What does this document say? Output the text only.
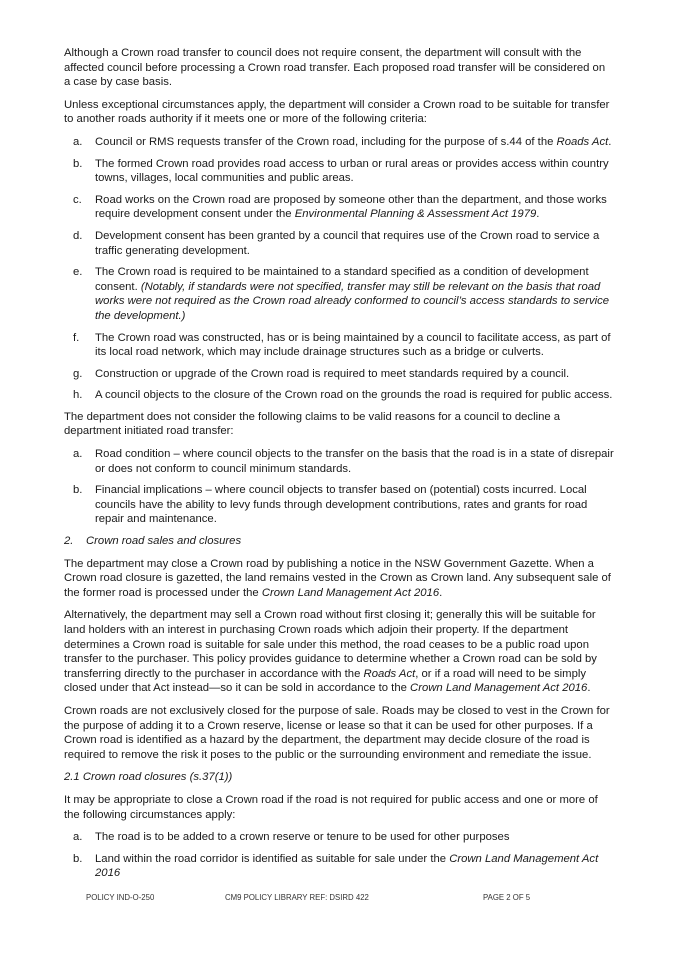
Although a Crown road transfer to council does not require consent, the department will consult with the affected council before processing a Crown road transfer. Each proposed road transfer will be considered on a case by case basis.

Unless exceptional circumstances apply, the department will consider a Crown road to be suitable for transfer to another roads authority if it meets one or more of the following criteria:

a. Council or RMS requests transfer of the Crown road, including for the purpose of s.44 of the Roads Act.
b. The formed Crown road provides road access to urban or rural areas or provides access within country towns, villages, local communities and public areas.
c. Road works on the Crown road are proposed by someone other than the department, and those works require development consent under the Environmental Planning & Assessment Act 1979.
d. Development consent has been granted by a council that requires use of the Crown road to service a traffic generating development.
e. The Crown road is required to be maintained to a standard specified as a condition of development consent. (Notably, if standards were not specified, transfer may still be relevant on the basis that road works were not required as the Crown road already conformed to council’s access standards to service the development.)
f. The Crown road was constructed, has or is being maintained by a council to facilitate access, as part of its local road network, which may include drainage structures such as a bridge or culverts.
g. Construction or upgrade of the Crown road is required to meet standards required by a council.
h. A council objects to the closure of the Crown road on the grounds the road is required for public access.

The department does not consider the following claims to be valid reasons for a council to decline a department initiated road transfer:

a. Road condition – where council objects to the transfer on the basis that the road is in a state of disrepair or does not conform to council minimum standards.
b. Financial implications – where council objects to transfer based on (potential) costs incurred. Local councils have the ability to levy funds through development contributions, rates and grants for road repair and maintenance.
2. Crown road sales and closures

The department may close a Crown road by publishing a notice in the NSW Government Gazette. When a Crown road closure is gazetted, the land remains vested in the Crown as Crown land. Any subsequent sale of the former road is processed under the Crown Land Management Act 2016.

Alternatively, the department may sell a Crown road without first closing it; generally this will be suitable for land holders with an interest in purchasing Crown roads which adjoin their property. If the department determines a Crown road is suitable for sale under this method, the road ceases to be a public road upon transfer to the purchaser. This policy provides guidance to determine whether a Crown road can be sold by transferring directly to the purchaser in accordance with the Roads Act, or if a road will need to be simply closed under that Act instead—so it can be sold in accordance to the Crown Land Management Act 2016.

Crown roads are not exclusively closed for the purpose of sale. Roads may be closed to vest in the Crown for the purpose of adding it to a Crown reserve, license or lease so that it can be used for other purposes. If a Crown road is identified as a hazard by the department, the department may decide closure of the road is required to remove the risk it poses to the public or the surrounding environment and remediate the issue.

2.1 Crown road closures (s.37(1))

It may be appropriate to close a Crown road if the road is not required for public access and one or more of the following circumstances apply:

a. The road is to be added to a crown reserve or tenure to be used for other purposes
b. Land within the road corridor is identified as suitable for sale under the Crown Land Management Act 2016
POLICY IND-O-250	CM9 POLICY LIBRARY REF: DSIRD 422	PAGE 2 OF 5
